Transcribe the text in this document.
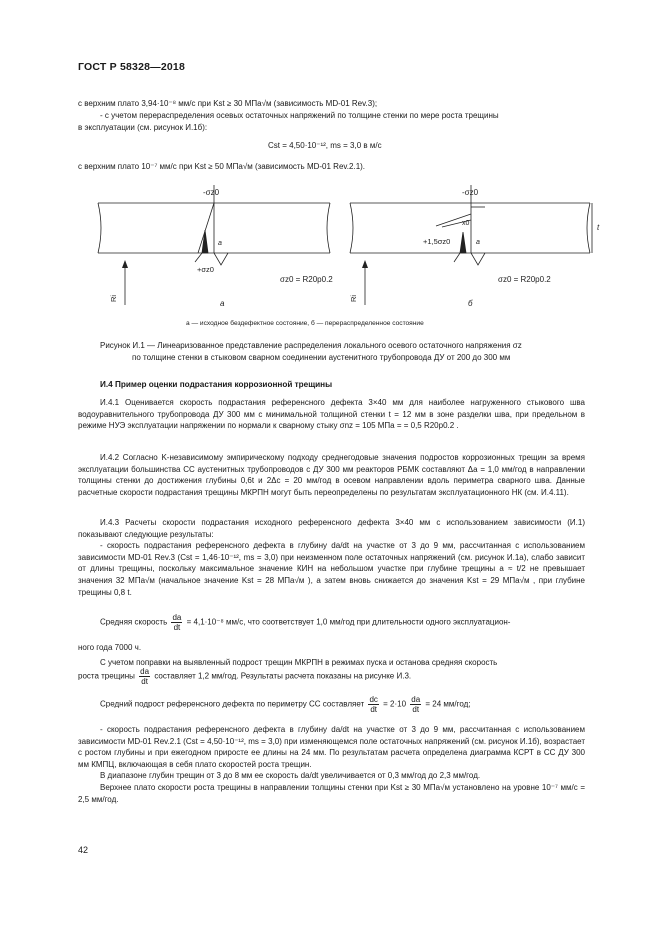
ГОСТ Р 58328—2018
с верхним плато 3,94·10⁻⁸ мм/с при Kst ≥ 30 МПа√м (зависимость MD-01 Rev.3);
- с учетом перераспределения осевых остаточных напряжений по толщине стенки по мере роста трещины
в эксплуатации (см. рисунок И.1б):
Cst = 4,50·10⁻¹², ms = 3,0 в м/с
с верхним плато 10⁻⁷ мм/с при Kst ≥ 50 МПа√м (зависимость MD-01 Rev.2.1).
-σz0
a
+σz0
σz0 = R20p0.2
Ri
а
-σz0
x0
a
+1,5σz0
t
σz0 = R20p0.2
Ri
б
а — исходное бездефектное состояние, б — перераспределенное состояние
Рисунок И.1 — Линеаризованное представление распределения локального осевого остаточного напряжения σz
по толщине стенки в стыковом сварном соединении аустенитного трубопровода ДУ от 200 до 300 мм
И.4 Пример оценки подрастания коррозионной трещины

И.4.1 Оценивается скорость подрастания референсного дефекта 3×40 мм для наиболее нагруженного стыкового шва водоуравнительного трубопровода ДУ 300 мм с минимальной толщиной стенки t = 12 мм в зоне разделки шва, при предельном в режиме НУЭ эксплуатации напряжении по нормали к сварному стыку σnz = 105 МПа = = 0,5 R20p0.2 .

И.4.2 Согласно K-независимому эмпирическому подходу среднегодовые значения подростов коррозионных трещин за время эксплуатации большинства СС аустенитных трубопроводов с ДУ 300 мм реакторов РБМК составляют Δa = 1,0 мм/год в направлении толщины стенки до достижения глубины 0,6t и 2Δc = 20 мм/год в осевом направлении вдоль периметра сварного шва. Данные расчетные скорости подрастания трещины МКРПН могут быть переопределены по результатам эксплуатационного НК (см. И.4.11).

И.4.3 Расчеты скорости подрастания исходного референсного дефекта 3×40 мм с использованием зависимости (И.1) показывают следующие результаты:

- скорость подрастания референсного дефекта в глубину da/dt на участке от 3 до 9 мм, рассчитанная с использованием зависимости MD-01 Rev.3 (Cst = 1,46·10⁻¹², ms = 3,0) при неизменном поле остаточных напряжений (см. рисунок И.1а), слабо зависит от длины трещины, поскольку максимальное значение КИН на небольшом участке при глубине трещины a ≈ t/2 не превышает значения 32 МПа√м (начальное значение Kst = 28 МПа√м ), а затем вновь снижается до значения Kst = 29 МПа√м , при глубине трещины 0,8 t.

Средняя скорость $\frac{da}{dt} = 4,1\cdot 10^{-8}$ мм/с, что соответствует 1,0 мм/год при длительности одного эксплуатацион-
ного года 7000 ч.
С учетом поправки на выявленный подрост трещин МКРПН в режимах пуска и останова средняя скорость
роста трещины $\frac{da}{dt}$ составляет 1,2 мм/год. Результаты расчета показаны на рисунке И.3.
Средний подрост референсного дефекта по периметру СС составляет $\frac{dc}{dt} = 2\cdot 10 \frac{da}{dt} = 24$ мм/год;

- скорость подрастания референсного дефекта в глубину da/dt на участке от 3 до 9 мм, рассчитанная с использованием зависимости MD-01 Rev.2.1 (Cst = 4,50·10⁻¹², ms = 3,0) при изменяющемся поле остаточных напряжений (см. рисунок И.1б), возрастает с ростом глубины и при ежегодном приросте ее длины на 24 мм. По результатам расчета определена диаграмма КСРТ в СС ДУ 300 мм КМПЦ, включающая в себя плато скоростей роста трещин.

В диапазоне глубин трещин от 3 до 8 мм ее скорость da/dt увеличивается от 0,3 мм/год до 2,3 мм/год.

Верхнее плато скорости роста трещины в направлении толщины стенки при Kst ≥ 30 МПа√м установлено на уровне 10⁻⁷ мм/с = 2,5 мм/год.

42
